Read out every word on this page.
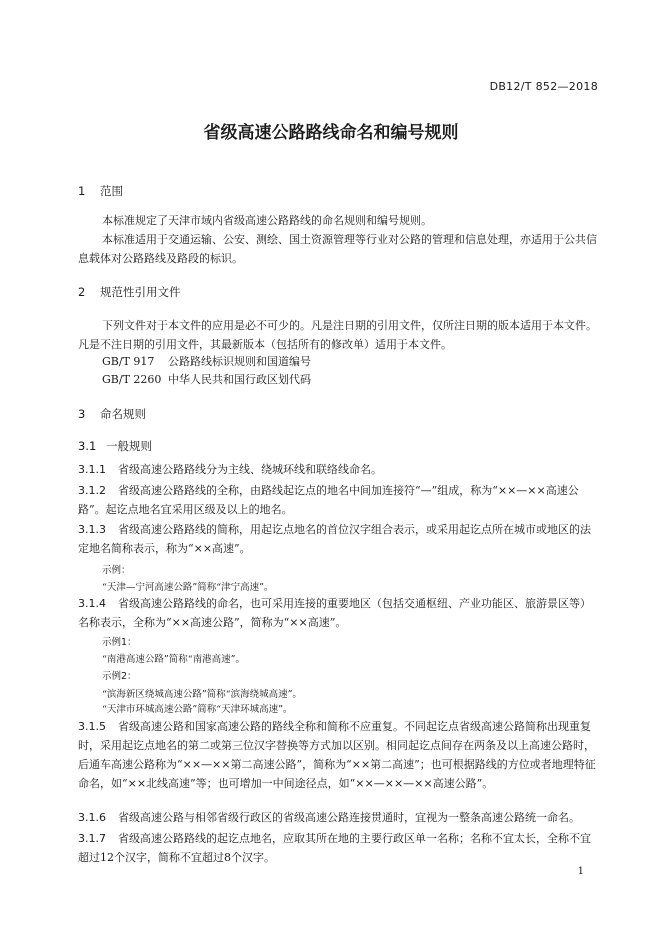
DB12/T 852—2018
省级高速公路路线命名和编号规则
1 范围
本标准规定了天津市域内省级高速公路路线的命名规则和编号规则。
本标准适用于交通运输、公安、测绘、国土资源管理等行业对公路的管理和信息处理，亦适用于公共信息载体对公路路线及路段的标识。
2 规范性引用文件
下列文件对于本文件的应用是必不可少的。凡是注日期的引用文件，仅所注日期的版本适用于本文件。凡是不注日期的引用文件，其最新版本（包括所有的修改单）适用于本文件。
GB/T 917 公路路线标识规则和国道编号
GB/T 2260 中华人民共和国行政区划代码
3 命名规则
3.1 一般规则
3.1.1 省级高速公路路线分为主线、绕城环线和联络线命名。
3.1.2 省级高速公路路线的全称，由路线起讫点的地名中间加连接符“—”组成，称为“××—××高速公路”。起讫点地名宜采用区级及以上的地名。
3.1.3 省级高速公路路线的简称，用起讫点地名的首位汉字组合表示，或采用起讫点所在城市或地区的法定地名简称表示，称为“××高速”。
示例：
“天津—宁河高速公路”简称“津宁高速”。
3.1.4 省级高速公路路线的命名，也可采用连接的重要地区（包括交通枢纽、产业功能区、旅游景区等）名称表示，全称为“××高速公路”，简称为“××高速”。
示例1：
“南港高速公路”简称“南港高速”。
示例2：
“滨海新区绕城高速公路”简称“滨海绕城高速”。
“天津市环城高速公路”简称“天津环城高速”。
3.1.5 省级高速公路和国家高速公路的路线全称和简称不应重复。不同起讫点省级高速公路简称出现重复时，采用起讫点地名的第二或第三位汉字替换等方式加以区别。相同起讫点间存在两条及以上高速公路时，后通车高速公路称为“××—××第二高速公路”，简称为“××第二高速”；也可根据路线的方位或者地理特征命名，如“××北线高速”等；也可增加一中间途径点，如“××—××—××高速公路”。
3.1.6 省级高速公路与相邻省级行政区的省级高速公路连接贯通时，宜视为一整条高速公路统一命名。
3.1.7 省级高速公路路线的起讫点地名，应取其所在地的主要行政区单一名称；名称不宜太长，全称不宜超过12个汉字，简称不宜超过8个汉字。
1
